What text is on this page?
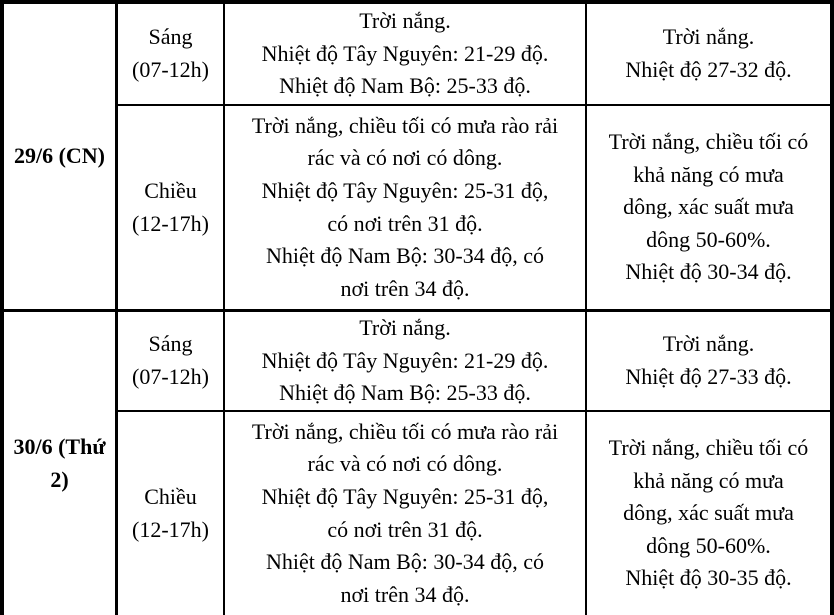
29/6 (CN)
Sáng
(07-12h)
Trời nắng.
Nhiệt độ Tây Nguyên: 21-29 độ.
Nhiệt độ Nam Bộ: 25-33 độ.
Trời nắng.
Nhiệt độ 27-32 độ.
Chiều
(12-17h)
Trời nắng, chiều tối có mưa rào rải
rác và có nơi có dông.
Nhiệt độ Tây Nguyên: 25-31 độ,
có nơi trên 31 độ.
Nhiệt độ Nam Bộ: 30-34 độ, có
nơi trên 34 độ.
Trời nắng, chiều tối có
khả năng có mưa
dông, xác suất mưa
dông 50-60%.
Nhiệt độ 30-34 độ.
30/6 (Thứ
2)
Sáng
(07-12h)
Trời nắng.
Nhiệt độ Tây Nguyên: 21-29 độ.
Nhiệt độ Nam Bộ: 25-33 độ.
Trời nắng.
Nhiệt độ 27-33 độ.
Chiều
(12-17h)
Trời nắng, chiều tối có mưa rào rải
rác và có nơi có dông.
Nhiệt độ Tây Nguyên: 25-31 độ,
có nơi trên 31 độ.
Nhiệt độ Nam Bộ: 30-34 độ, có
nơi trên 34 độ.
Trời nắng, chiều tối có
khả năng có mưa
dông, xác suất mưa
dông 50-60%.
Nhiệt độ 30-35 độ.
